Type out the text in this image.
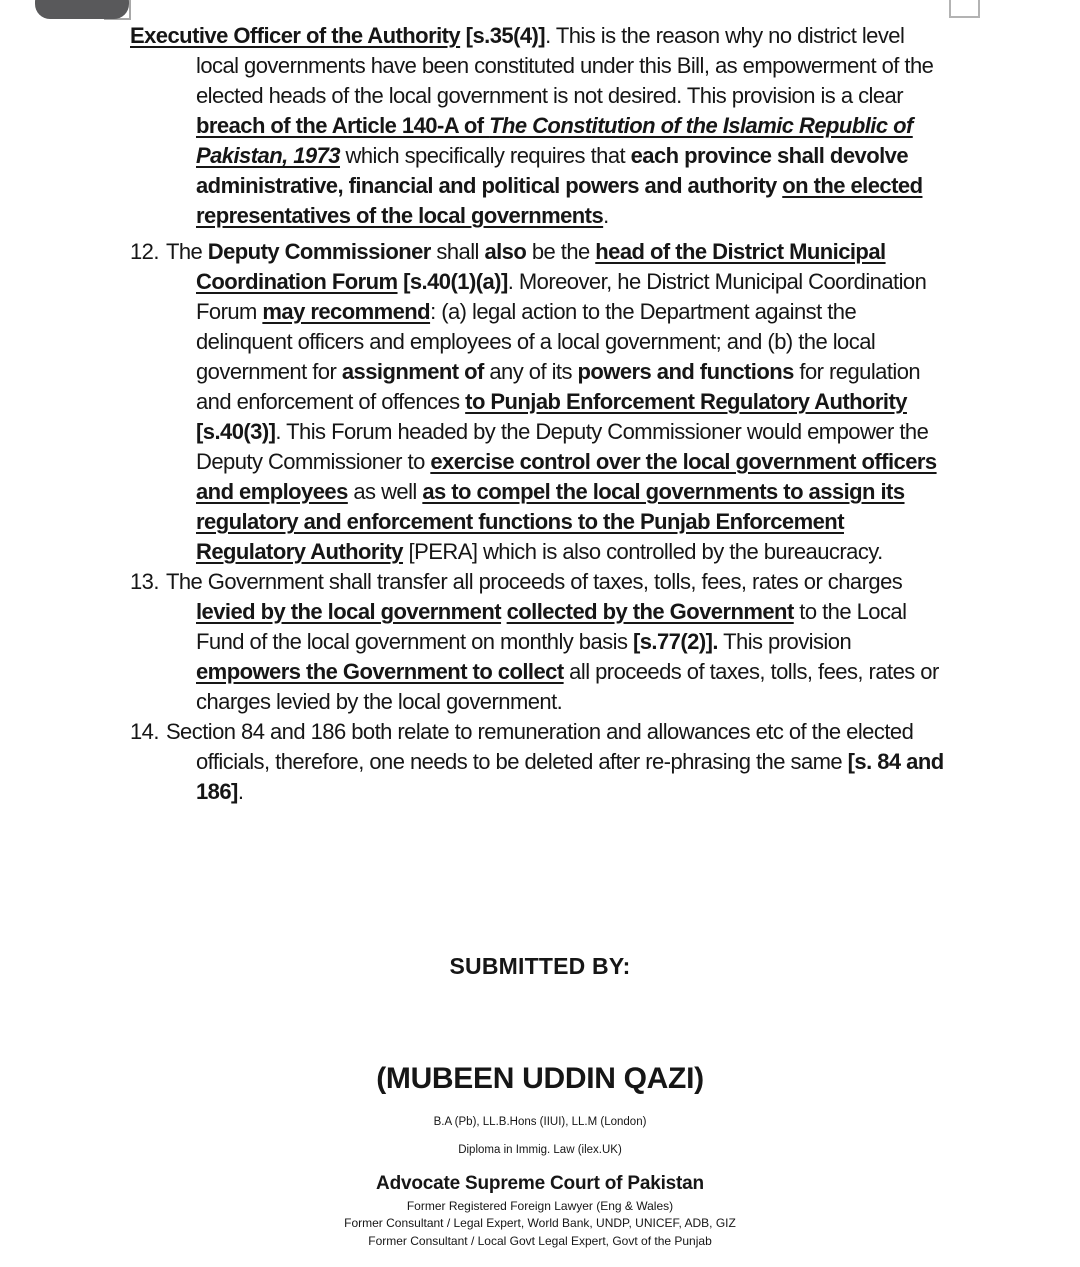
Executive Officer of the Authority [s.35(4)]. This is the reason why no district level local governments have been constituted under this Bill, as empowerment of the elected heads of the local government is not desired. This provision is a clear breach of the Article 140-A of The Constitution of the Islamic Republic of Pakistan, 1973 which specifically requires that each province shall devolve administrative, financial and political powers and authority on the elected representatives of the local governments.
12. The Deputy Commissioner shall also be the head of the District Municipal Coordination Forum [s.40(1)(a)]. Moreover, he District Municipal Coordination Forum may recommend: (a) legal action to the Department against the delinquent officers and employees of a local government; and (b) the local government for assignment of any of its powers and functions for regulation and enforcement of offences to Punjab Enforcement Regulatory Authority [s.40(3)]. This Forum headed by the Deputy Commissioner would empower the Deputy Commissioner to exercise control over the local government officers and employees as well as to compel the local governments to assign its regulatory and enforcement functions to the Punjab Enforcement Regulatory Authority [PERA] which is also controlled by the bureaucracy.
13. The Government shall transfer all proceeds of taxes, tolls, fees, rates or charges levied by the local government collected by the Government to the Local Fund of the local government on monthly basis [s.77(2)]. This provision empowers the Government to collect all proceeds of taxes, tolls, fees, rates or charges levied by the local government.
14. Section 84 and 186 both relate to remuneration and allowances etc of the elected officials, therefore, one needs to be deleted after re-phrasing the same [s. 84 and 186].
SUBMITTED BY:
(MUBEEN UDDIN QAZI)
B.A (Pb), LL.B.Hons (IIUI), LL.M (London)
Diploma in Immig. Law (ilex.UK)
Advocate Supreme Court of Pakistan
Former Registered Foreign Lawyer (Eng & Wales)
Former Consultant / Legal Expert, World Bank, UNDP, UNICEF, ADB, GIZ
Former Consultant / Local Govt Legal Expert, Govt of the Punjab
